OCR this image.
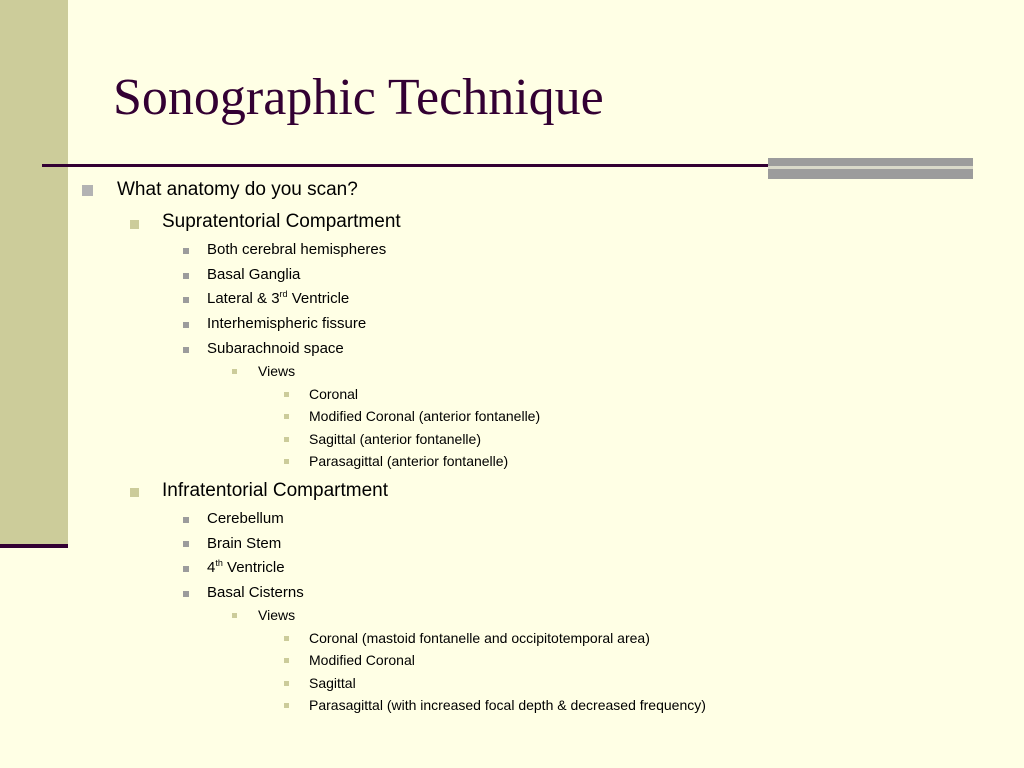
Sonographic Technique
What anatomy do you scan?
Supratentorial Compartment
Both cerebral hemispheres
Basal Ganglia
Lateral & 3rd Ventricle
Interhemispheric fissure
Subarachnoid space
Views
Coronal
Modified Coronal (anterior fontanelle)
Sagittal (anterior fontanelle)
Parasagittal (anterior fontanelle)
Infratentorial Compartment
Cerebellum
Brain Stem
4th Ventricle
Basal Cisterns
Views
Coronal (mastoid fontanelle and occipitotemporal area)
Modified Coronal
Sagittal
Parasagittal (with increased focal depth & decreased frequency)
